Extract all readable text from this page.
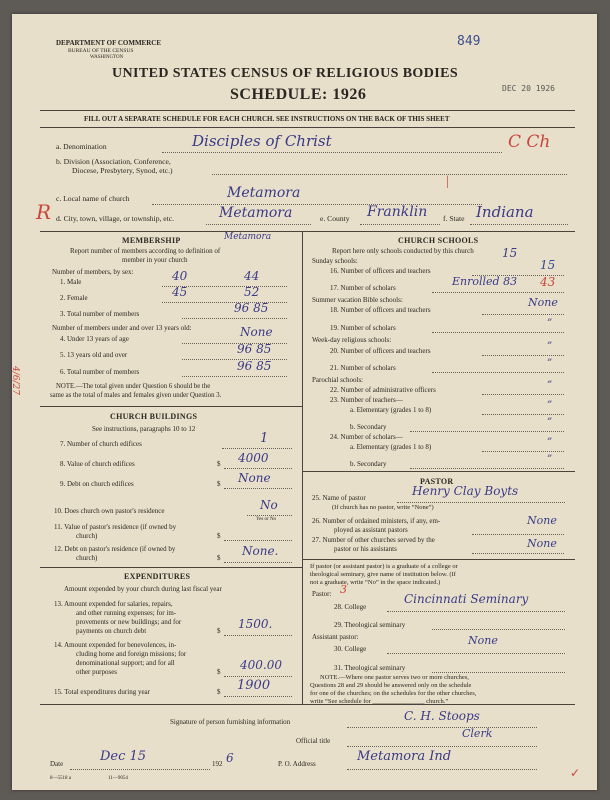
DEPARTMENT OF COMMERCE
BUREAU OF THE CENSUS
WASHINGTON
849
UNITED STATES CENSUS OF RELIGIOUS BODIES
SCHEDULE: 1926	DEC 20 1926
FILL OUT A SEPARATE SCHEDULE FOR EACH CHURCH. SEE INSTRUCTIONS ON THE BACK OF THIS SHEET
a. Denomination	Disciples of Christ	C Ch
b. Division (Association, Conference,
Diocese, Presbytery, Synod, etc.)
R
c. Local name of church	Metamora
|
d. City, town, village, or township, etc.	Metamora	e. County Franklin f. State Indiana
4/6/27
MEMBERSHIP	Metamora
Report number of members according to definition of
member in your church
Number of members, by sex:
1. Male	40	44
2. Female	45	52
3. Total number of members	96 85
Number of members under and over 13 years old:
4. Under 13 years of age	None
5. 13 years old and over	96 85
6. Total number of members	96 85
NOTE.—The total given under Question 6 should be the
same as the total of males and females given under Question 3.
CHURCH BUILDINGS
See instructions, paragraphs 10 to 12
7. Number of church edifices	1
8. Value of church edifices	$ 4000
9. Debt on church edifices	$ None
10. Does church own pastor's residence	No
Yes or No
11. Value of pastor's residence (if owned by
church)	$
12. Debt on pastor's residence (if owned by
church)	$ None.
EXPENDITURES
Amount expended by your church during last fiscal year
13. Amount expended for salaries, repairs,
and other running expenses; for im-
provements or new buildings; and for
payments on church debt	$ 1500.
14. Amount expended for benevolences, in-
cluding home and foreign missions; for
denominational support; and for all
other purposes	$ 400.00
15. Total expenditures during year	$ 1900
CHURCH SCHOOLS
Report here only schools conducted by this church
Sunday schools:
15
16. Number of officers and teachers	15
17. Number of scholars	Enrolled 83 43
Summer vacation Bible schools:
18. Number of officers and teachers
None
19. Number of scholars	”
Week-day religious schools:
20. Number of officers and teachers	”
21. Number of scholars	”
Parochial schools:
22. Number of administrative officers	”
23. Number of teachers—
a. Elementary (grades 1 to 8)	”
b. Secondary	”
24. Number of scholars—
a. Elementary (grades 1 to 8)	”
b. Secondary	”
PASTOR
25. Name of pastor	Henry Clay Boyts
(If church has no pastor, write “None”)
26. Number of ordained ministers, if any, em-
ployed as assistant pastors
None
27. Number of other churches served by the
pastor or his assistants	None
If pastor (or assistant pastor) is a graduate of a college or
theological seminary, give name of institution below. (If
not a graduate, write “No” in the space indicated.)
Pastor: 3
28. College
Cincinnati Seminary
29. Theological seminary
Assistant pastor:
30. College
None
31. Theological seminary
NOTE.—Where one pastor serves two or more churches,
Questions 28 and 29 should be answered only on the schedule
for one of the churches; on the schedules for the other churches,
write “See schedule for ________________ church.”
Signature of person furnishing information	C. H. Stoops
Official title
Clerk
Date	Dec 15	192 6	P. O. Address	Metamora Ind
✓
8—5518 a	11—9054
